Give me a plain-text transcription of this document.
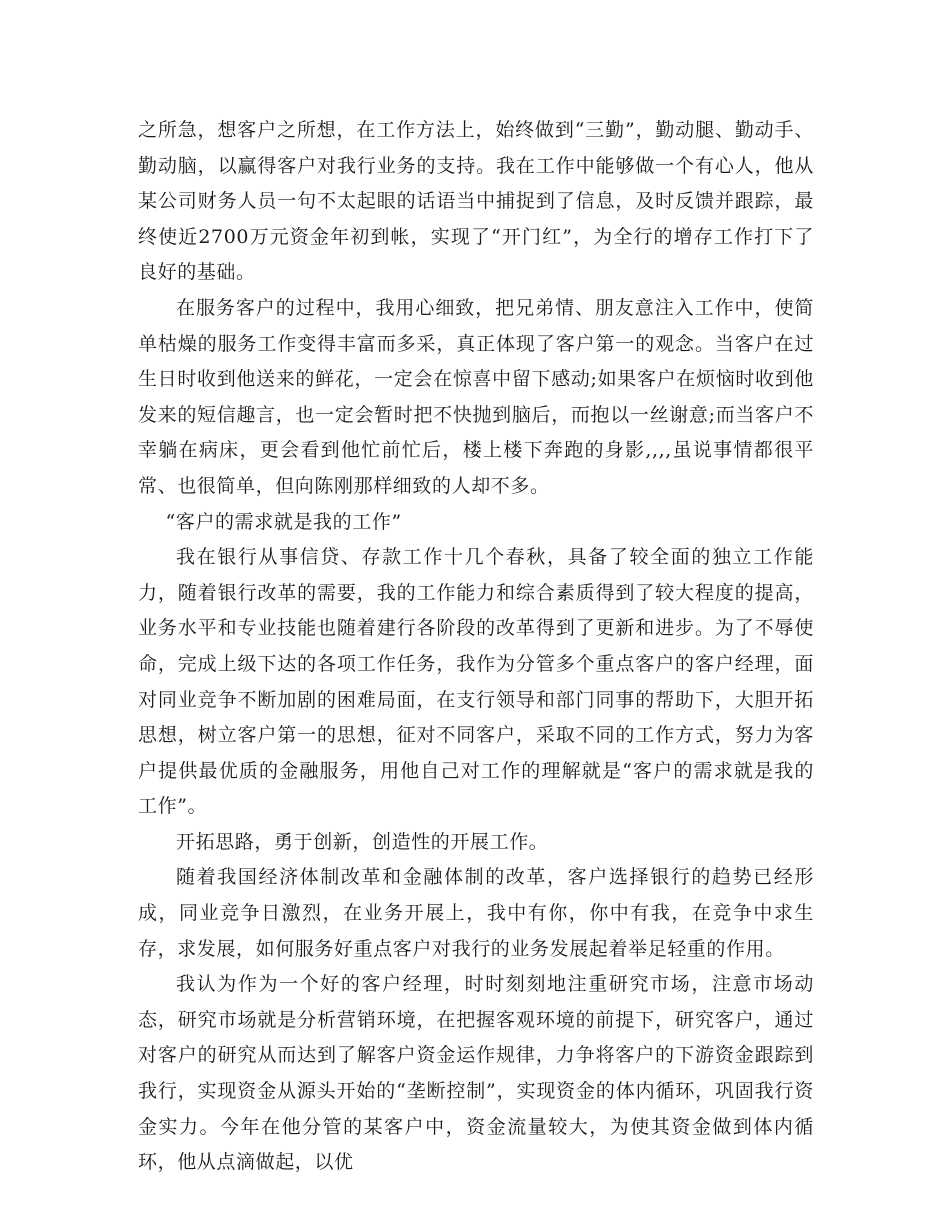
之所急，想客户之所想，在工作方法上，始终做到“三勤”，勤动腿、勤动手、勤动脑，以赢得客户对我行业务的支持。我在工作中能够做一个有心人，他从某公司财务人员一句不太起眼的话语当中捕捉到了信息，及时反馈并跟踪，最终使近2700万元资金年初到帐，实现了“开门红”，为全行的增存工作打下了良好的基础。

在服务客户的过程中，我用心细致，把兄弟情、朋友意注入工作中，使简单枯燥的服务工作变得丰富而多采，真正体现了客户第一的观念。当客户在过生日时收到他送来的鲜花，一定会在惊喜中留下感动;如果客户在烦恼时收到他发来的短信趣言，也一定会暂时把不快抛到脑后，而抱以一丝谢意;而当客户不幸躺在病床，更会看到他忙前忙后，楼上楼下奔跑的身影,,,,虽说事情都很平常、也很简单，但向陈刚那样细致的人却不多。

“客户的需求就是我的工作”

我在银行从事信贷、存款工作十几个春秋，具备了较全面的独立工作能力，随着银行改革的需要，我的工作能力和综合素质得到了较大程度的提高，业务水平和专业技能也随着建行各阶段的改革得到了更新和进步。为了不辱使命，完成上级下达的各项工作任务，我作为分管多个重点客户的客户经理，面对同业竞争不断加剧的困难局面，在支行领导和部门同事的帮助下，大胆开拓思想，树立客户第一的思想，征对不同客户，采取不同的工作方式，努力为客户提供最优质的金融服务，用他自己对工作的理解就是“客户的需求就是我的工作”。

开拓思路，勇于创新，创造性的开展工作。

随着我国经济体制改革和金融体制的改革，客户选择银行的趋势已经形成，同业竞争日激烈，在业务开展上，我中有你，你中有我，在竞争中求生存，求发展，如何服务好重点客户对我行的业务发展起着举足轻重的作用。

我认为作为一个好的客户经理，时时刻刻地注重研究市场，注意市场动态，研究市场就是分析营销环境，在把握客观环境的前提下，研究客户，通过对客户的研究从而达到了解客户资金运作规律，力争将客户的下游资金跟踪到我行，实现资金从源头开始的“垄断控制”，实现资金的体内循环，巩固我行资金实力。今年在他分管的某客户中，资金流量较大，为使其资金做到体内循环，他从点滴做起，以优
